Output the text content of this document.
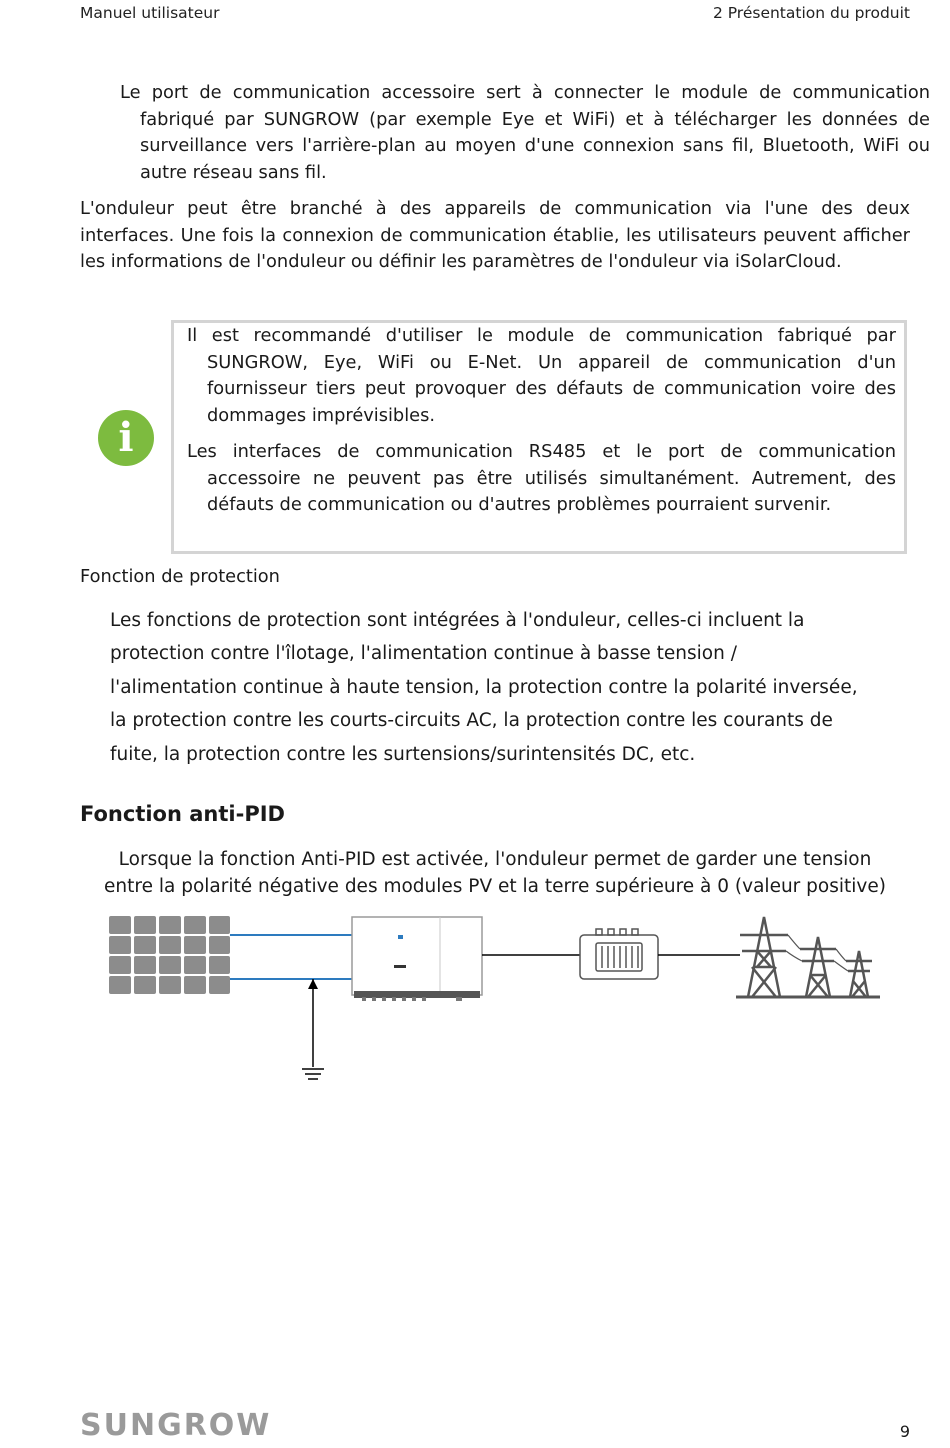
Manuel utilisateur	2 Présentation du produit
Le port de communication accessoire sert à connecter le module de communication fabriqué par SUNGROW (par exemple Eye et WiFi) et à télécharger les données de surveillance vers l'arrière-plan au moyen d'une connexion sans fil, Bluetooth, WiFi ou autre réseau sans fil.
L'onduleur peut être branché à des appareils de communication via l'une des deux interfaces. Une fois la connexion de communication établie, les utilisateurs peuvent afficher les informations de l'onduleur ou définir les paramètres de l'onduleur via iSolarCloud.
i
Il est recommandé d'utiliser le module de communication fabriqué par SUNGROW, Eye, WiFi ou E-Net. Un appareil de communication d'un fournisseur tiers peut provoquer des défauts de communication voire des dommages imprévisibles.
Les interfaces de communication RS485 et le port de communication accessoire ne peuvent pas être utilisés simultanément. Autrement, des défauts de communication ou d'autres problèmes pourraient survenir.
Fonction de protection
Les fonctions de protection sont intégrées à l'onduleur, celles-ci incluent la
protection contre l'îlotage, l'alimentation continue à basse tension /
l'alimentation continue à haute tension, la protection contre la polarité inversée,
la protection contre les courts-circuits AC, la protection contre les courants de
fuite, la protection contre les surtensions/surintensités DC, etc.
Fonction anti-PID
Lorsque la fonction Anti-PID est activée, l'onduleur permet de garder une tension
entre la polarité négative des modules PV et la terre supérieure à 0 (valeur positive)
SUNGROW	9
